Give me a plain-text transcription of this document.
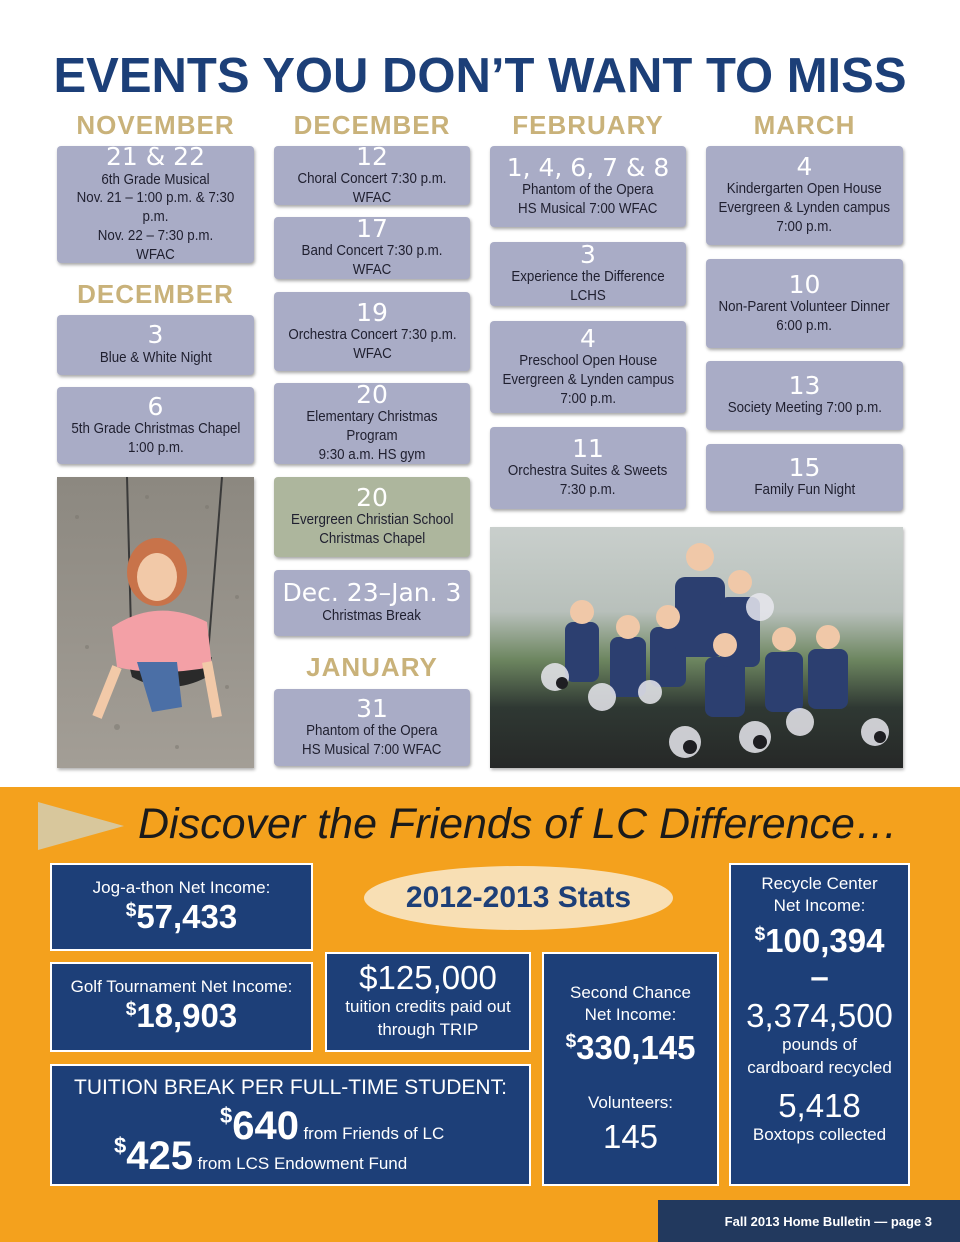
EVENTS YOU DON’T WANT TO MISS
NOVEMBER	DECEMBER	FEBRUARY	MARCH
DECEMBER
JANUARY
21 & 22
6th Grade Musical
Nov. 21 – 1:00 p.m. & 7:30 p.m.
Nov. 22 – 7:30 p.m.
WFAC
3
Blue & White Night
6
5th Grade Christmas Chapel
1:00 p.m.
12
Choral Concert 7:30 p.m. WFAC
17
Band Concert 7:30 p.m. WFAC
19
Orchestra Concert 7:30 p.m.
WFAC
20
Elementary Christmas Program
9:30 a.m. HS gym
20
Evergreen Christian School
Christmas Chapel
Dec. 23–Jan. 3
Christmas Break
31
Phantom of the Opera
HS Musical 7:00 WFAC
1, 4, 6, 7 & 8
Phantom of the Opera
HS Musical 7:00 WFAC
3
Experience the Difference LCHS
4
Preschool Open House
Evergreen & Lynden campus
7:00 p.m.
11
Orchestra Suites & Sweets
7:30 p.m.
4
Kindergarten Open House
Evergreen & Lynden campus
7:00 p.m.
10
Non-Parent Volunteer Dinner
6:00 p.m.
13
Society Meeting 7:00 p.m.
15
Family Fun Night
Discover the Friends of LC Difference…
Jog-a-thon Net Income:
$57,433
2012-2013 Stats
Golf Tournament Net Income:
$18,903
$125,000
tuition credits paid out
through TRIP
TUITION BREAK PER FULL-TIME STUDENT:
$640 from Friends of LC
$425 from LCS Endowment Fund
Second Chance
Net Income:
$330,145
Volunteers:
145
Recycle Center
Net Income:
$100,394
–
3,374,500
pounds of
cardboard recycled
5,418
Boxtops collected
Fall 2013 Home Bulletin — page 3
